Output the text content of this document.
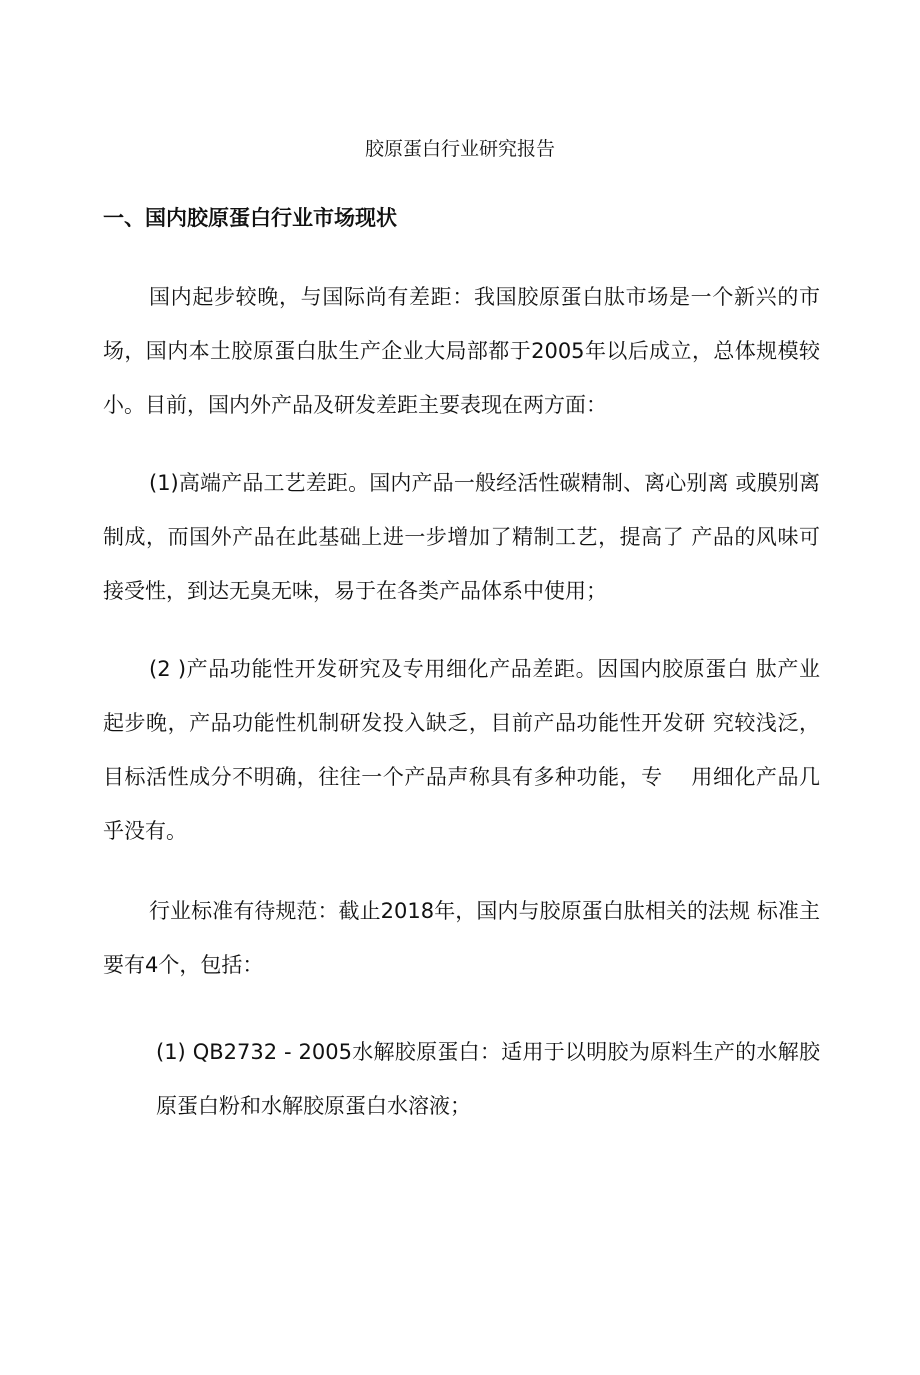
胶原蛋白行业研究报告
一、国内胶原蛋白行业市场现状

国内起步较晚，与国际尚有差距：我国胶原蛋白肽市场是一个新兴的市场，国内本土胶原蛋白肽生产企业大局部都于2005年以后成立，总体规模较小。目前，国内外产品及研发差距主要表现在两方面：

(1)高端产品工艺差距。国内产品一般经活性碳精制、离心别离 或膜别离制成，而国外产品在此基础上进一步增加了精制工艺，提高了 产品的风味可接受性，到达无臭无味，易于在各类产品体系中使用；

(2 )产品功能性开发研究及专用细化产品差距。因国内胶原蛋白 肽产业起步晚，产品功能性机制研发投入缺乏，目前产品功能性开发研 究较浅泛，目标活性成分不明确，往往一个产品声称具有多种功能，专　 用细化产品几乎没有。

行业标准有待规范：截止2018年，国内与胶原蛋白肽相关的法规 标准主要有4个，包括：

(1) QB2732 - 2005水解胶原蛋白：适用于以明胶为原料生产的水解胶原蛋白粉和水解胶原蛋白水溶液；
